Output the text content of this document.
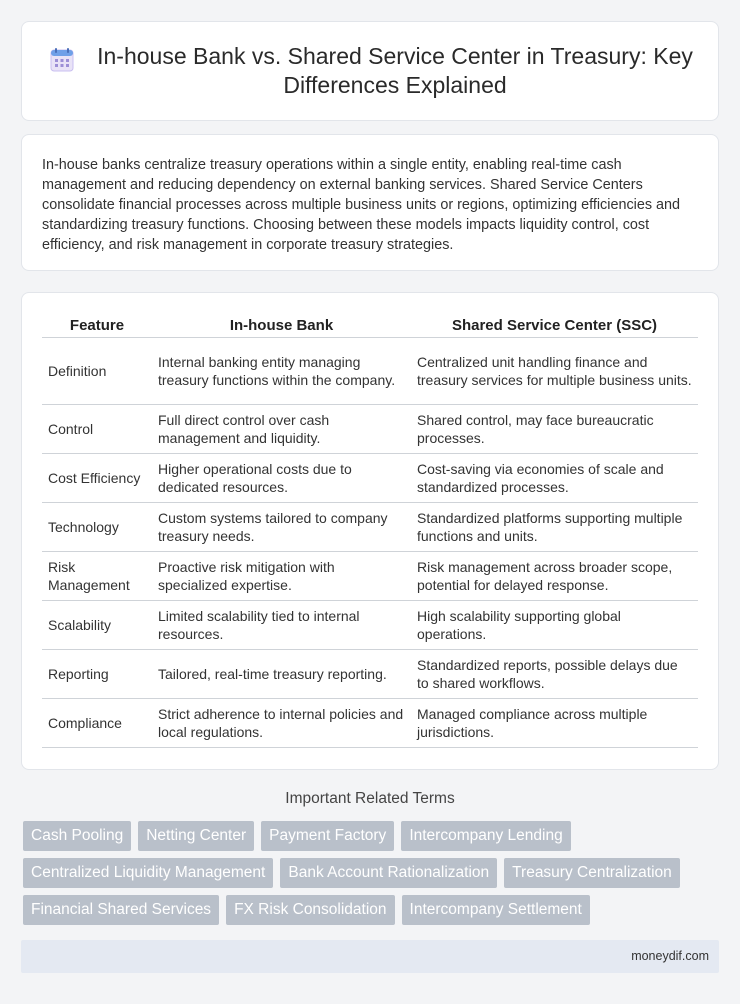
In-house Bank vs. Shared Service Center in Treasury: Key Differences Explained

In-house banks centralize treasury operations within a single entity, enabling real-time cash management and reducing dependency on external banking services. Shared Service Centers consolidate financial processes across multiple business units or regions, optimizing efficiencies and standardizing treasury functions. Choosing between these models impacts liquidity control, cost efficiency, and risk management in corporate treasury strategies.

Feature	In-house Bank	Shared Service Center (SSC)
Definition	Internal banking entity managing treasury functions within the company.	Centralized unit handling finance and treasury services for multiple business units.
Control	Full direct control over cash management and liquidity.	Shared control, may face bureaucratic processes.
Cost Efficiency	Higher operational costs due to dedicated resources.	Cost-saving via economies of scale and standardized processes.
Technology	Custom systems tailored to company treasury needs.	Standardized platforms supporting multiple functions and units.
Risk Management	Proactive risk mitigation with specialized expertise.	Risk management across broader scope, potential for delayed response.
Scalability	Limited scalability tied to internal resources.	High scalability supporting global operations.
Reporting	Tailored, real-time treasury reporting.	Standardized reports, possible delays due to shared workflows.
Compliance	Strict adherence to internal policies and local regulations.	Managed compliance across multiple jurisdictions.
Important Related Terms
Cash Pooling	Netting Center	Payment Factory	Intercompany Lending
Centralized Liquidity Management	Bank Account Rationalization	Treasury Centralization
Financial Shared Services	FX Risk Consolidation	Intercompany Settlement
moneydif.com
